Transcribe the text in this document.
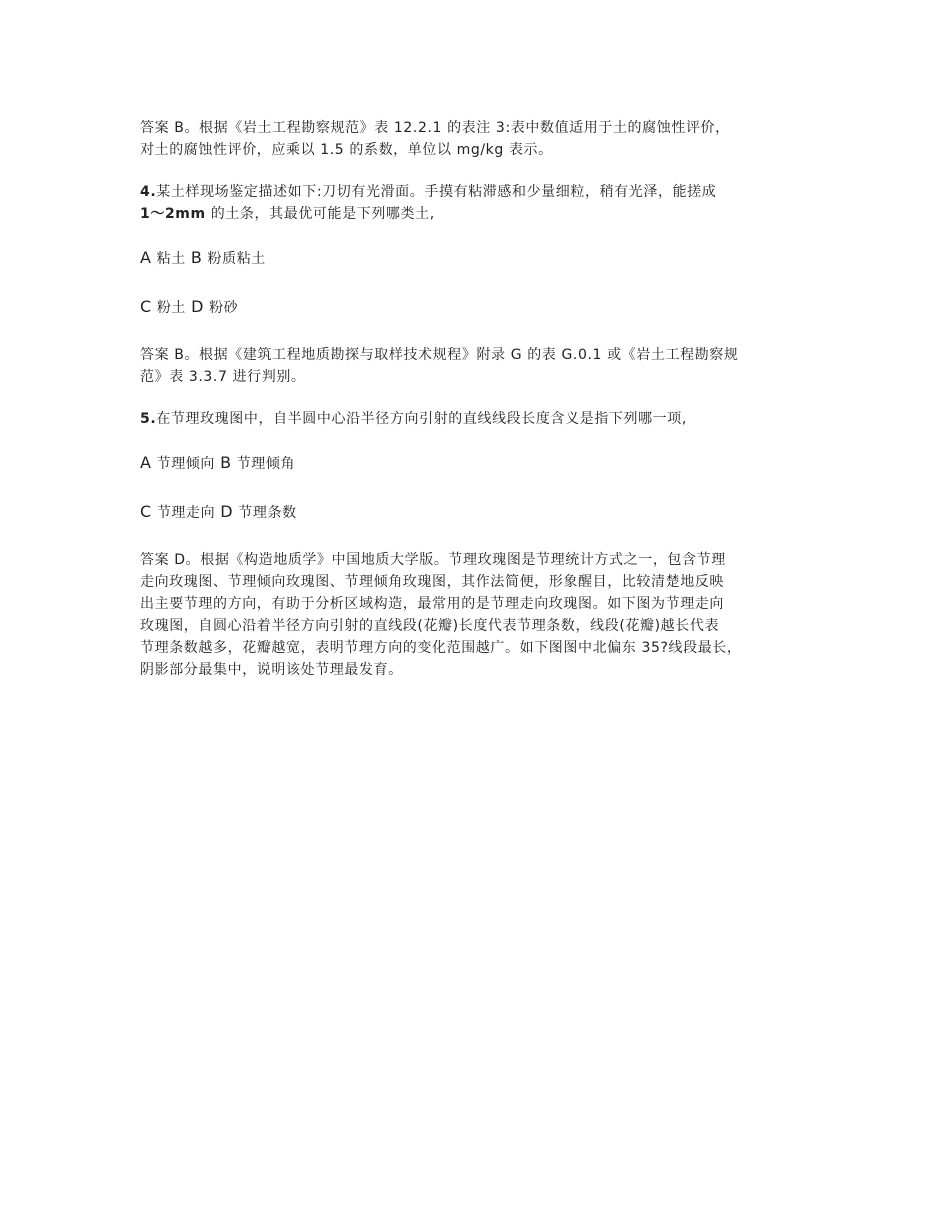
答案 B。根据《岩土工程勘察规范》表 12.2.1 的表注 3:表中数值适用于土的腐蚀性评价，
对土的腐蚀性评价，应乘以 1.5 的系数，单位以 mg/kg 表示。

4.某土样现场鉴定描述如下:刀切有光滑面。手摸有粘滞感和少量细粒，稍有光泽，能搓成
1～2mm 的土条，其最优可能是下列哪类土,

A 粘土 B 粉质粘土
C 粉土 D 粉砂

答案 B。根据《建筑工程地质勘探与取样技术规程》附录 G 的表 G.0.1 或《岩土工程勘察规
范》表 3.3.7 进行判别。

5.在节理玫瑰图中，自半圆中心沿半径方向引射的直线线段长度含义是指下列哪一项,

A 节理倾向 B 节理倾角
C 节理走向 D 节理条数

答案 D。根据《构造地质学》中国地质大学版。节理玫瑰图是节理统计方式之一，包含节理
走向玫瑰图、节理倾向玫瑰图、节理倾角玫瑰图，其作法简便，形象醒目，比较清楚地反映
出主要节理的方向，有助于分析区域构造，最常用的是节理走向玫瑰图。如下图为节理走向
玫瑰图，自圆心沿着半径方向引射的直线段(花瓣)长度代表节理条数，线段(花瓣)越长代表
节理条数越多，花瓣越宽，表明节理方向的变化范围越广。如下图图中北偏东 35?线段最长，
阴影部分最集中，说明该处节理最发育。
